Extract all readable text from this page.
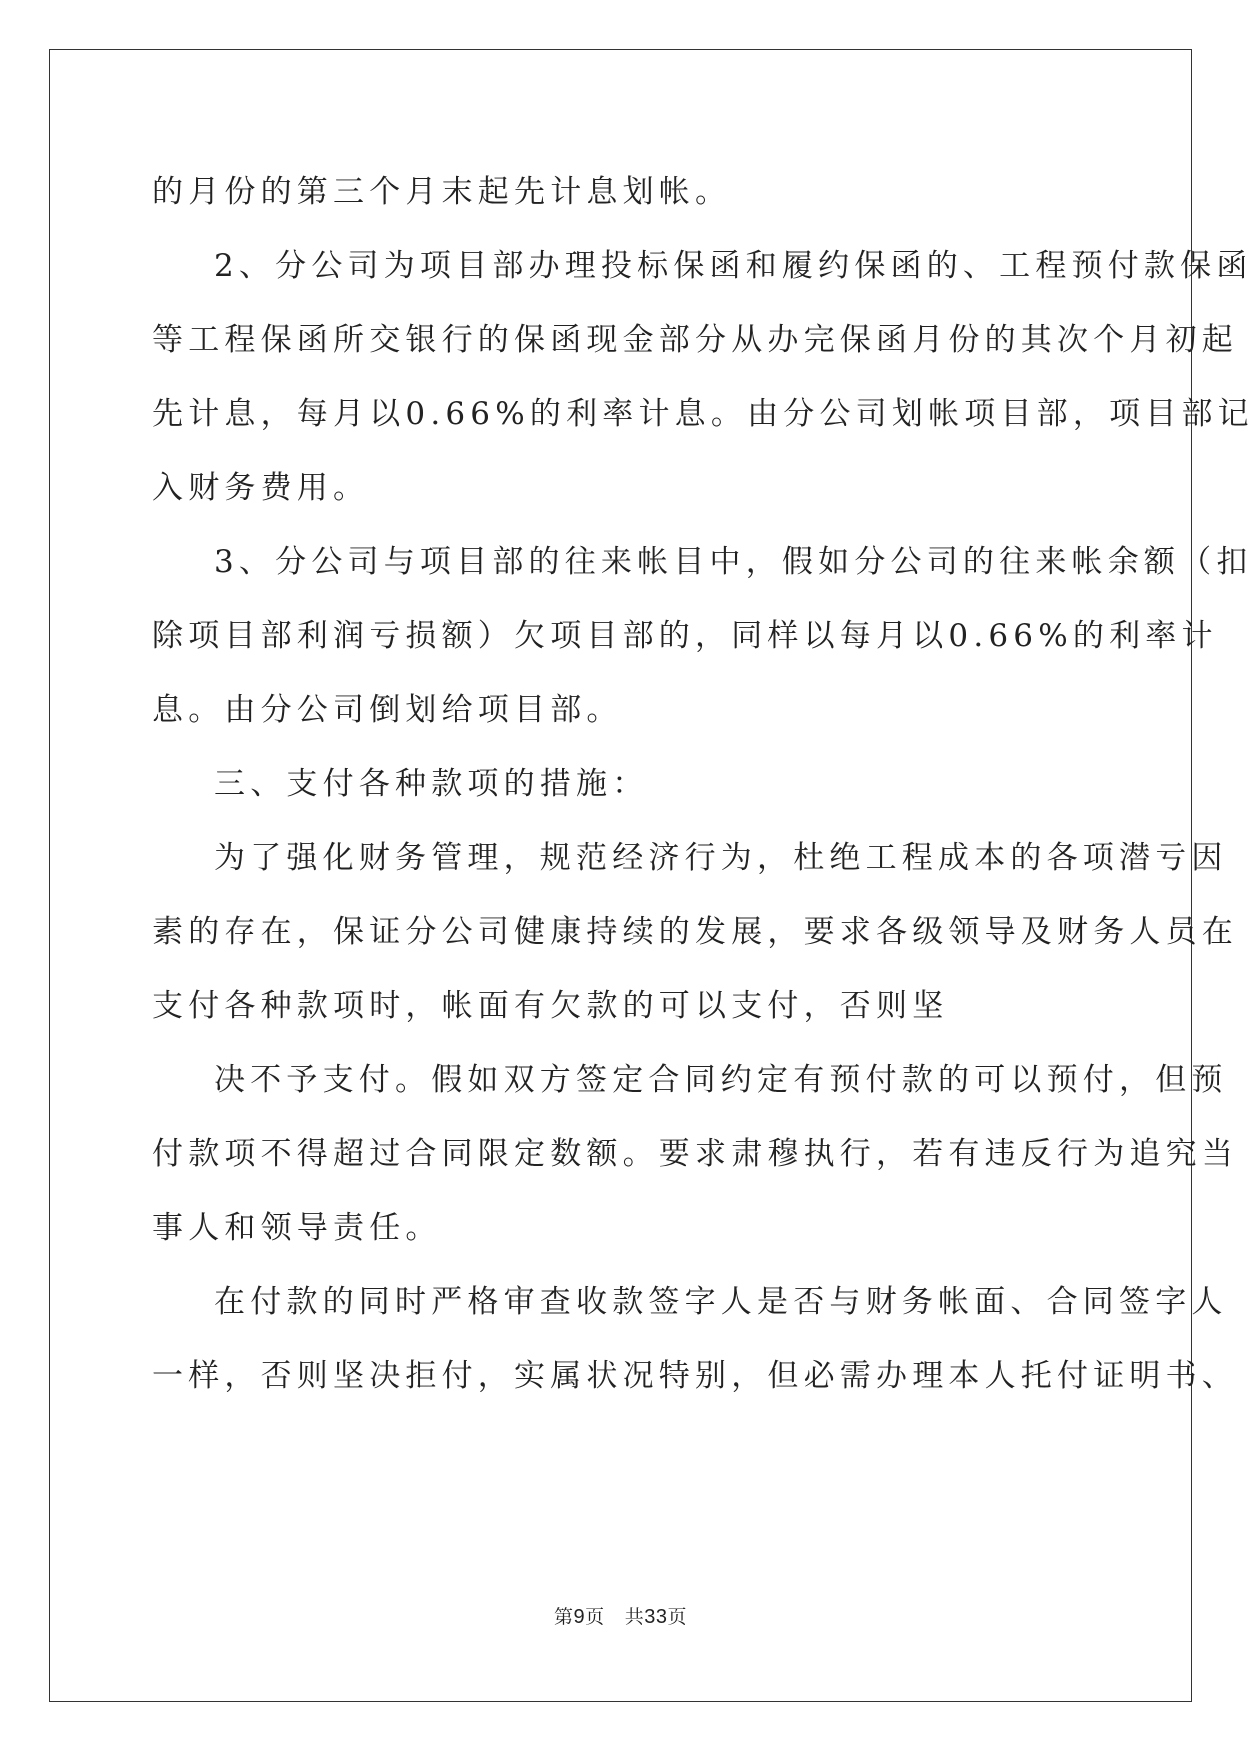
的月份的第三个月末起先计息划帐。
2、分公司为项目部办理投标保函和履约保函的、工程预付款保函
等工程保函所交银行的保函现金部分从办完保函月份的其次个月初起
先计息，每月以0.66%的利率计息。由分公司划帐项目部，项目部记
入财务费用。
3、分公司与项目部的往来帐目中，假如分公司的往来帐余额（扣
除项目部利润亏损额）欠项目部的，同样以每月以0.66%的利率计
息。由分公司倒划给项目部。
三、支付各种款项的措施：
为了强化财务管理，规范经济行为，杜绝工程成本的各项潜亏因
素的存在，保证分公司健康持续的发展，要求各级领导及财务人员在
支付各种款项时，帐面有欠款的可以支付，否则坚
决不予支付。假如双方签定合同约定有预付款的可以预付，但预
付款项不得超过合同限定数额。要求肃穆执行，若有违反行为追究当
事人和领导责任。
在付款的同时严格审查收款签字人是否与财务帐面、合同签字人
一样，否则坚决拒付，实属状况特别，但必需办理本人托付证明书、
第9页 共33页
